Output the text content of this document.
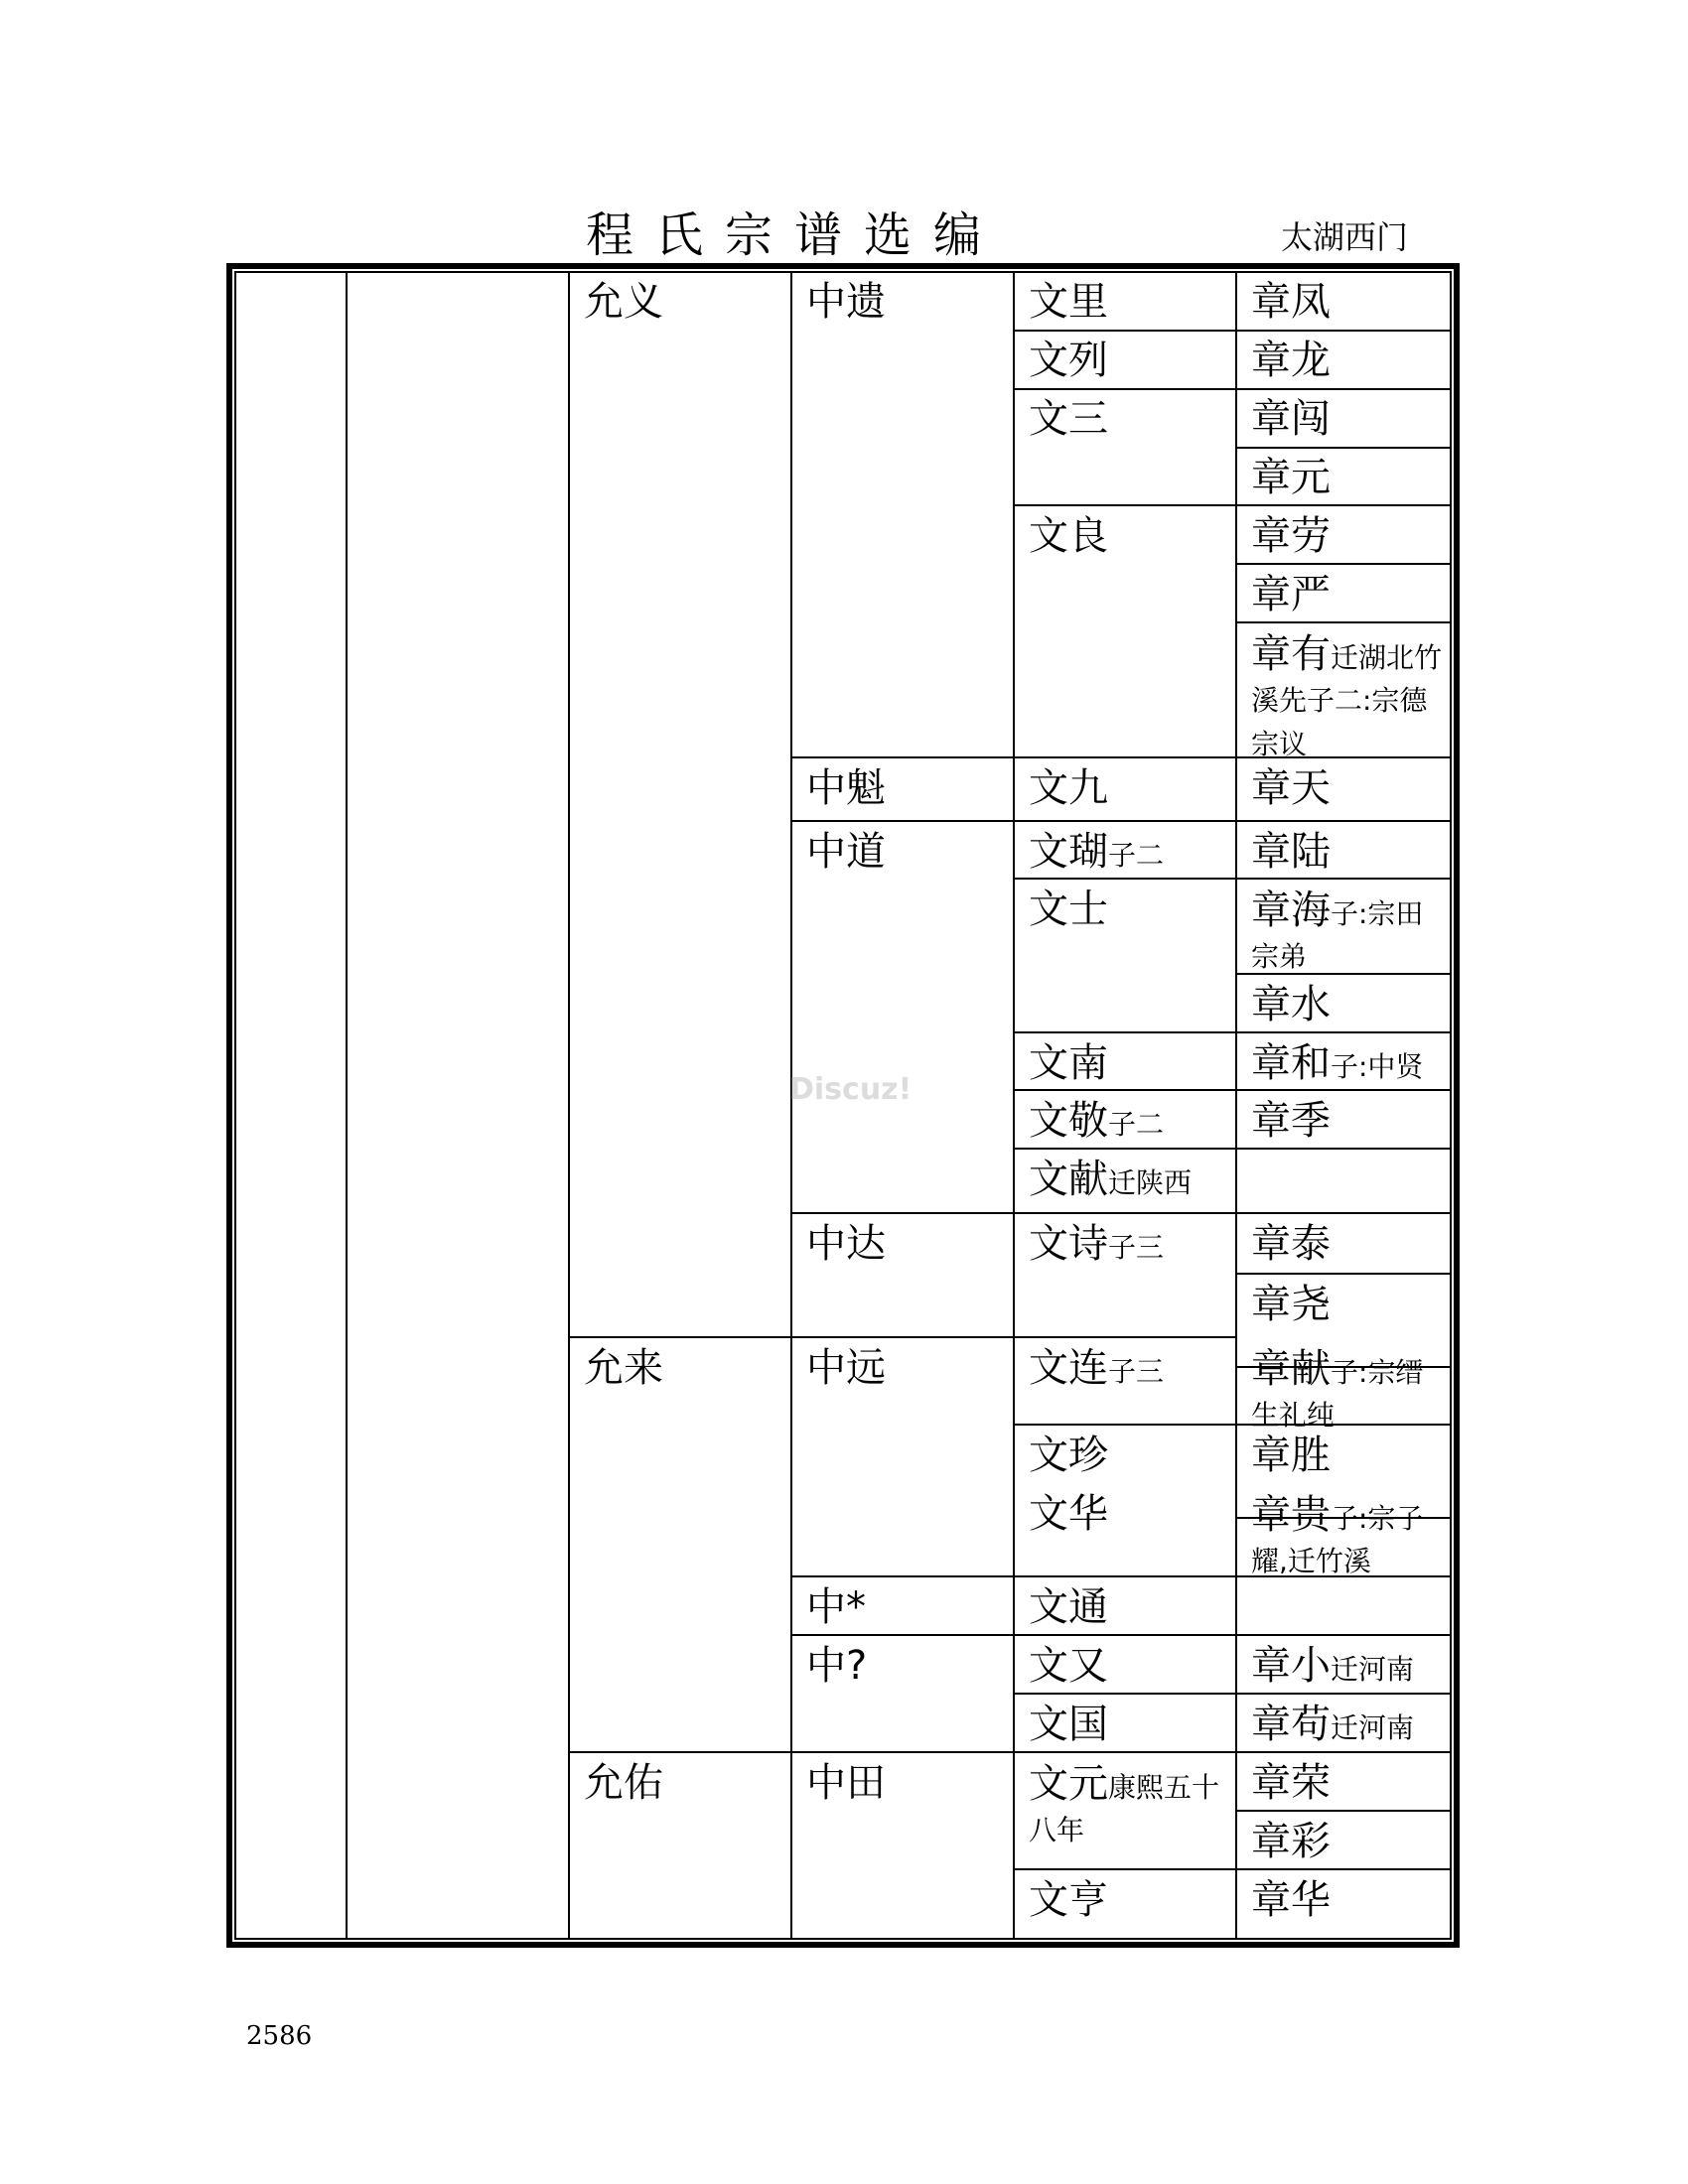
程氏宗谱选编	太湖西门
允义
允来
允佑
中遗
中魁
中道
中达
中远
中*
中?
中田
文里
文列
文三
文良
文九
文瑚子二
文士
文南
文敬子二
文献迁陕西
文诗子三
文连子三
文珍
文华
文通
文又
文国
文元康熙五十八年
文亨
章凤
章龙
章闯
章元
章劳
章严
章有迁湖北竹溪先子二:宗德宗议
章天
章陆
章海子:宗田宗弟
章水
章和子:中贤
章季
章泰
章尧
章献子:宗缙生礼纯
章胜
章贵子:宗子耀,迁竹溪
章小迁河南
章苟迁河南
章荣
章彩
章华
Discuz!
2586
